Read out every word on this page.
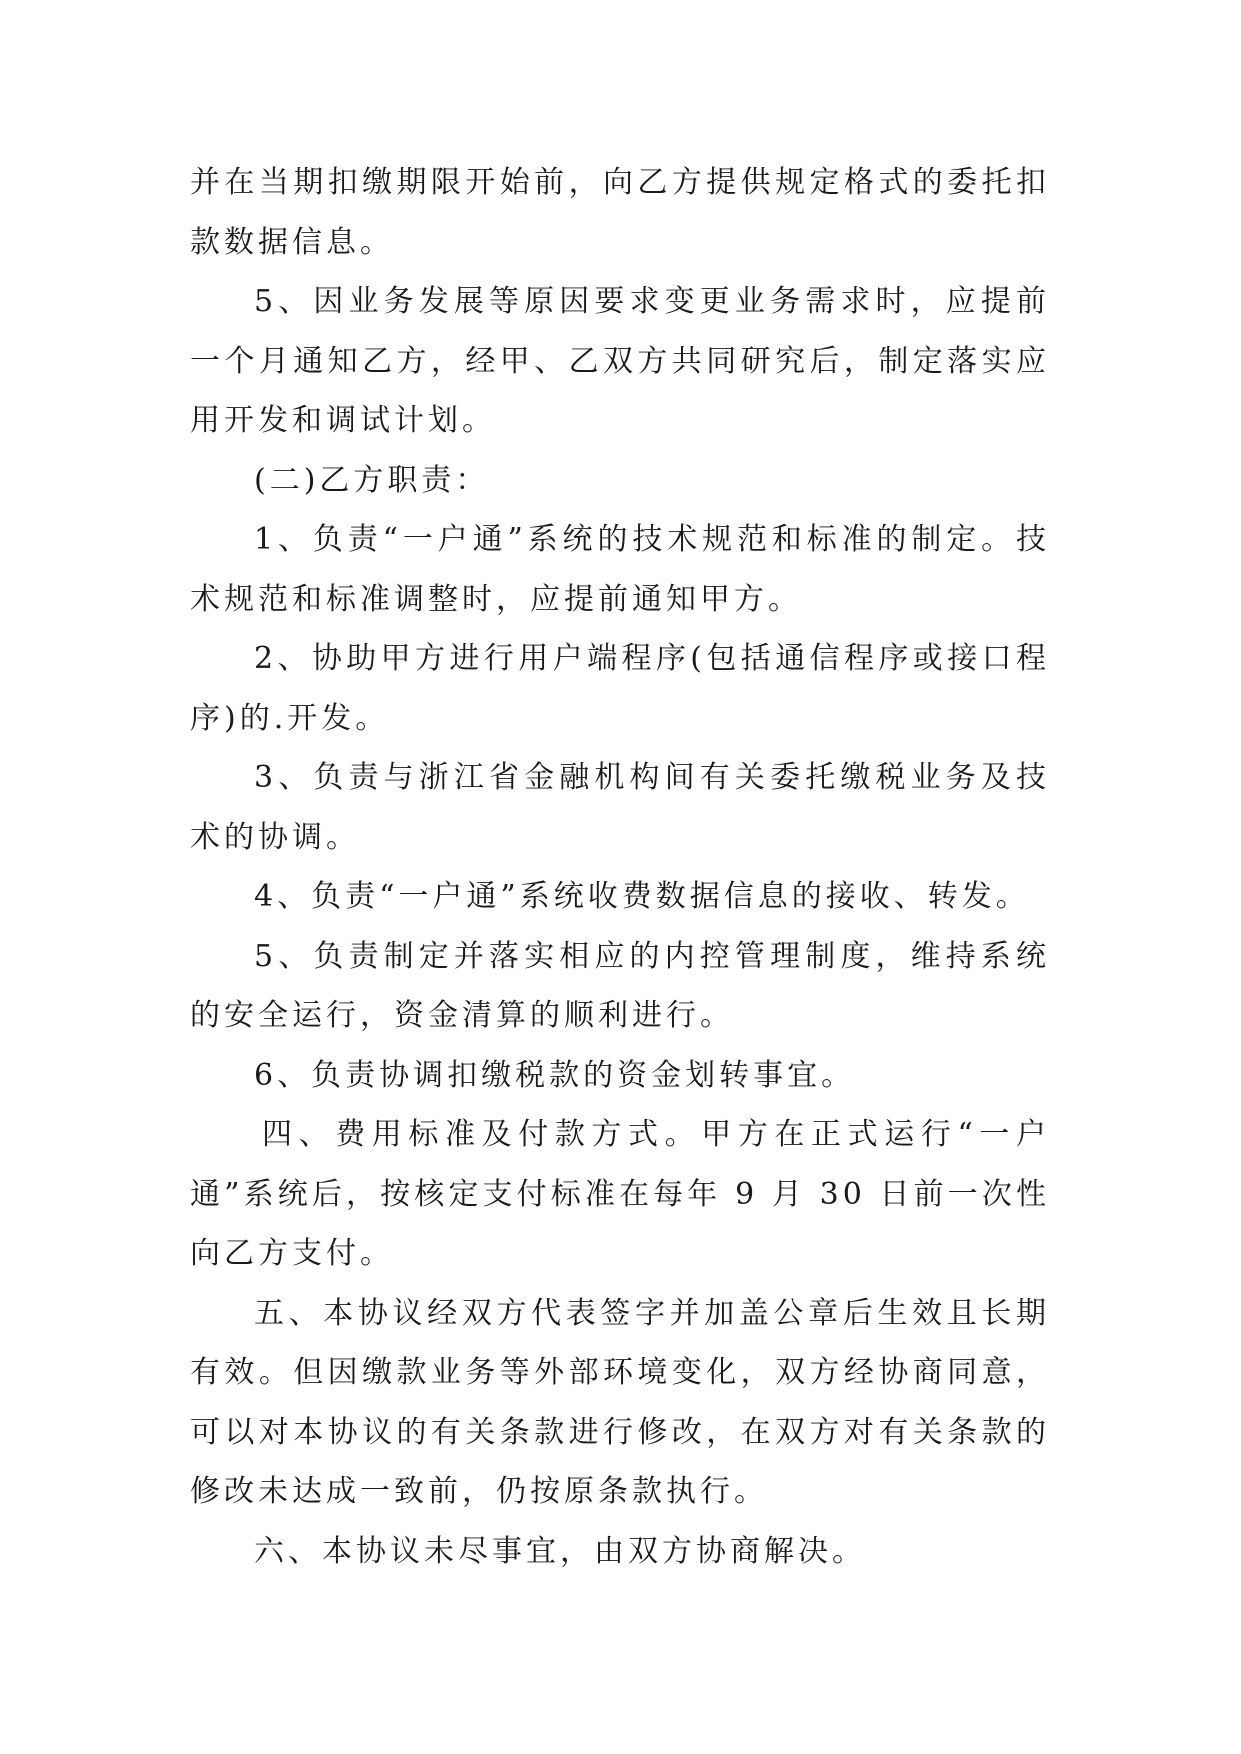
并在当期扣缴期限开始前，向乙方提供规定格式的委托扣款数据信息。

5、因业务发展等原因要求变更业务需求时，应提前一个月通知乙方，经甲、乙双方共同研究后，制定落实应用开发和调试计划。

(二)乙方职责：

1、负责“一户通”系统的技术规范和标准的制定。技术规范和标准调整时，应提前通知甲方。

2、协助甲方进行用户端程序(包括通信程序或接口程序)的.开发。

3、负责与浙江省金融机构间有关委托缴税业务及技术的协调。

4、负责“一户通”系统收费数据信息的接收、转发。

5、负责制定并落实相应的内控管理制度，维持系统的安全运行，资金清算的顺利进行。

6、负责协调扣缴税款的资金划转事宜。

四、费用标准及付款方式。甲方在正式运行“一户通”系统后，按核定支付标准在每年 9 月 30 日前一次性向乙方支付。

五、本协议经双方代表签字并加盖公章后生效且长期有效。但因缴款业务等外部环境变化，双方经协商同意，可以对本协议的有关条款进行修改，在双方对有关条款的修改未达成一致前，仍按原条款执行。

六、本协议未尽事宜，由双方协商解决。
